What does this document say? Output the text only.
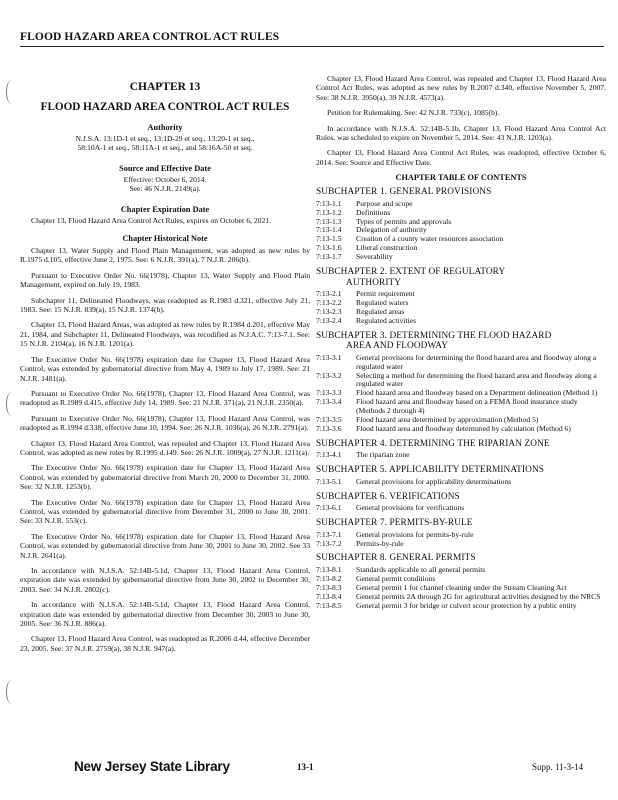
FLOOD HAZARD AREA CONTROL ACT RULES
CHAPTER 13
FLOOD HAZARD AREA CONTROL ACT RULES
Authority
N.J.S.A. 13:1D-1 et seq., 13:1D-29 et seq., 13:20-1 et seq.,
58:10A-1 et seq., 58:11A-1 et seq., and 58:16A-50 et seq.
Source and Effective Date
Effective: October 6, 2014.
See: 46 N.J.R. 2149(a).
Chapter Expiration Date

Chapter 13, Flood Hazard Area Control Act Rules, expires on October 6, 2021.

Chapter Historical Note

Chapter 13, Water Supply and Flood Plain Management, was adopted as new rules by R.1975 d.105, effective June 2, 1975. See: 6 N.J.R. 391(a), 7 N.J.R. 206(b).

Pursuant to Executive Order No. 66(1978), Chapter 13, Water Supply and Flood Plain Management, expired on July 19, 1983.

Subchapter 11, Delineated Floodways, was readopted as R.1983 d.321, effective July 21, 1983. See: 15 N.J.R. 839(a), 15 N.J.R. 1374(b).

Chapter 13, Flood Hazard Areas, was adopted as new rules by R.1984 d.201, effective May 21, 1984, and Subchapter 11, Delineated Floodways, was recodified as N.J.A.C. 7:13-7.1. See: 15 N.J.R. 2104(a), 16 N.J.R. 1201(a).

The Executive Order No. 66(1978) expiration date for Chapter 13, Flood Hazard Area Control, was extended by gubernatorial directive from May 4, 1989 to July 17, 1989. See: 21 N.J.R. 1481(a).

Pursuant to Executive Order No. 66(1978), Chapter 13, Flood Hazard Area Control, was readopted as R.1989 d.415, effective July 14, 1989. See: 21 N.J.R. 371(a), 21 N.J.R. 2350(a).

Pursuant to Executive Order No. 66(1978), Chapter 13, Flood Hazard Area Control, was readopted as R.1994 d.338, effective June 10, 1994. See: 26 N.J.R. 1036(a), 26 N.J.R. 2791(a).

Chapter 13, Flood Hazard Area Control, was repealed and Chapter 13, Flood Hazard Area Control, was adopted as new rules by R.1995 d.149. See: 26 N.J.R. 1009(a), 27 N.J.R. 1211(a).

The Executive Order No. 66(1978) expiration date for Chapter 13, Flood Hazard Area Control, was extended by gubernatorial directive from March 20, 2000 to December 31, 2000. See: 32 N.J.R. 1253(b).

The Executive Order No. 66(1978) expiration date for Chapter 13, Flood Hazard Area Control, was extended by gubernatorial directive from December 31, 2000 to June 30, 2001. See: 33 N.J.R. 553(c).

The Executive Order No. 66(1978) expiration date for Chapter 13, Flood Hazard Area Control, was extended by gubernatorial directive from June 30, 2001 to June 30, 2002. See 33 N.J.R. 2641(a).

In accordance with N.J.S.A. 52:14B-5.1d, Chapter 13, Flood Hazard Area Control, expiration date was extended by gubernatorial directive from June 30, 2002 to December 30, 2003. See: 34 N.J.R. 2802(c).

In accordance with N.J.S.A. 52:14B-5.1d, Chapter 13, Flood Hazard Area Control, expiration date was extended by gubernatorial directive from December 30, 2003 to June 30, 2005. See: 36 N.J.R. 886(a).

Chapter 13, Flood Hazard Area Control, was readopted as R.2006 d.44, effective December 23, 2005. See: 37 N.J.R. 2759(a), 38 N.J.R. 947(a).

Chapter 13, Flood Hazard Area Control, was repealed and Chapter 13, Flood Hazard Area Control Act Rules, was adopted as new rules by R.2007 d.340, effective November 5, 2007. See: 38 N.J.R. 3950(a), 39 N.J.R. 4573(a).

Petition for Rulemaking. See: 42 N.J.R. 733(c), 1085(b).

In accordance with N.J.S.A. 52:14B-5.1b, Chapter 13, Flood Hazard Area Control Act Rules, was scheduled to expire on November 5, 2014. See: 43 N.J.R. 1203(a).

Chapter 13, Flood Hazard Area Control Act Rules, was readopted, effective October 6, 2014. See: Source and Effective Date.

CHAPTER TABLE OF CONTENTS
SUBCHAPTER 1. GENERAL PROVISIONS
7:13-1.1	Purpose and scope
7:13-1.2	Definitions
7:13-1.3	Types of permits and approvals
7:13-1.4	Delegation of authority
7:13-1.5	Creation of a county water resources association
7:13-1.6	Liberal construction
7:13-1.7	Severability
SUBCHAPTER 2. EXTENT OF REGULATORY
AUTHORITY
7:13-2.1	Permit requirement
7:13-2.2	Regulated waters
7:13-2.3	Regulated areas
7:13-2.4	Regulated activities
SUBCHAPTER 3. DETERMINING THE FLOOD HAZARD
AREA AND FLOODWAY
7:13-3.1	General provisions for determining the flood hazard area and floodway along a regulated water
7:13-3.2	Selecting a method for determining the flood hazard area and floodway along a regulated water
7:13-3.3	Flood hazard area and floodway based on a Department delineation (Method 1)
7:13-3.4	Flood hazard area and floodway based on a FEMA flood insurance study (Methods 2 through 4)
7:13-3.5	Flood hazard area determined by approximation (Method 5)
7:13-3.6	Flood hazard area and floodway determined by calculation (Method 6)
SUBCHAPTER 4. DETERMINING THE RIPARIAN ZONE
7:13-4.1	The riparian zone
SUBCHAPTER 5. APPLICABILITY DETERMINATIONS
7:13-5.1	General provisions for applicability determinations
SUBCHAPTER 6. VERIFICATIONS
7:13-6.1	General provisions for verifications
SUBCHAPTER 7. PERMITS-BY-RULE
7:13-7.1	General provisions for permits-by-rule
7:13-7.2	Permits-by-rule
SUBCHAPTER 8. GENERAL PERMITS
7:13-8.1	Standards applicable to all general permits
7:13-8.2	General permit conditions
7:13-8.3	General permit 1 for channel cleaning under the Stream Cleaning Act
7:13-8.4	General permits 2A through 2G for agricultural activities designed by the NRCS
7:13-8.5	General permit 3 for bridge or culvert scour protection by a public entity
New Jersey State Library	13-1	Supp. 11-3-14
